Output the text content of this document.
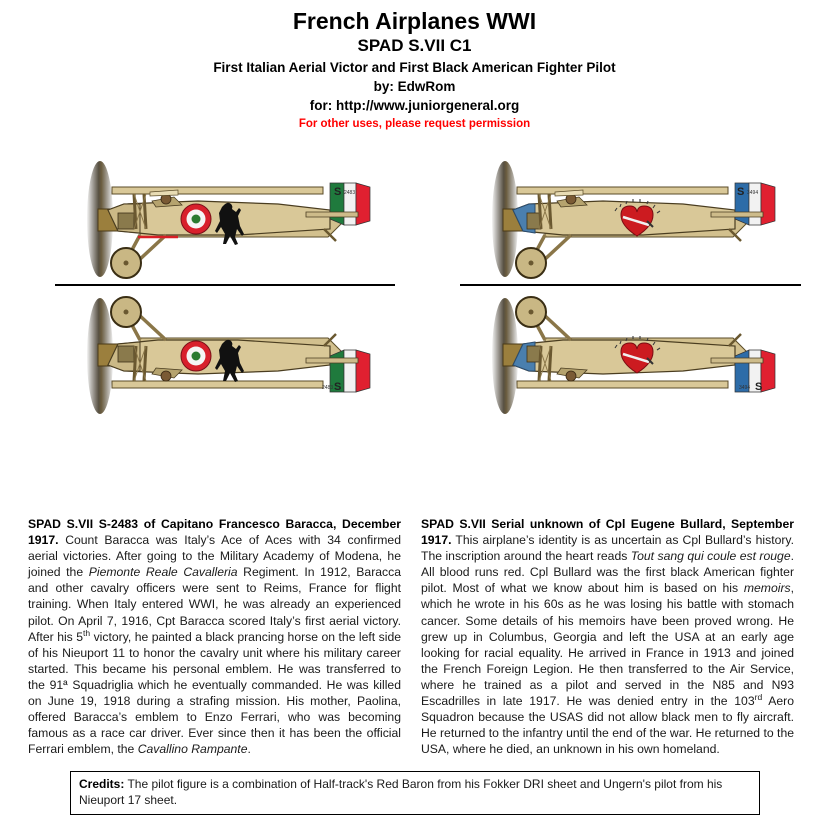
French Airplanes WWI
SPAD S.VII C1
First Italian Aerial Victor and First Black American Fighter Pilot
by: EdwRom
for: http://www.juniorgeneral.org
For other uses, please request permission
S 2483	S 3494
S
2483	S
3494
SPAD S.VII S-2483 of Capitano Francesco Baracca, December 1917. Count Baracca was Italy’s Ace of Aces with 34 confirmed aerial victories. After going to the Military Academy of Modena, he joined the Piemonte Reale Cavalleria Regiment. In 1912, Baracca and other cavalry officers were sent to Reims, France for flight training. When Italy entered WWI, he was already an experienced pilot. On April 7, 1916, Cpt Baracca scored Italy’s first aerial victory. After his 5th victory, he painted a black prancing horse on the left side of his Nieuport 11 to honor the cavalry unit where his military career started. This became his personal emblem. He was transferred to the 91ª Squadriglia which he eventually commanded. He was killed on June 19, 1918 during a strafing mission. His mother, Paolina, offered Baracca’s emblem to Enzo Ferrari, who was becoming famous as a race car driver. Ever since then it has been the official Ferrari emblem, the Cavallino Rampante.
SPAD S.VII Serial unknown of Cpl Eugene Bullard, September 1917. This airplane’s identity is as uncertain as Cpl Bullard’s history. The inscription around the heart reads Tout sang qui coule est rouge. All blood runs red. Cpl Bullard was the first black American fighter pilot. Most of what we know about him is based on his memoirs, which he wrote in his 60s as he was losing his battle with stomach cancer. Some details of his memoirs have been proved wrong. He grew up in Columbus, Georgia and left the USA at an early age looking for racial equality. He arrived in France in 1913 and joined the French Foreign Legion. He then transferred to the Air Service, where he trained as a pilot and served in the N85 and N93 Escadrilles in late 1917. He was denied entry in the 103rd Aero Squadron because the USAS did not allow black men to fly aircraft. He returned to the infantry until the end of the war. He returned to the USA, where he died, an unknown in his own homeland.
Credits: The pilot figure is a combination of Half-track's Red Baron from his Fokker DRI sheet and Ungern's pilot from his Nieuport 17 sheet.
